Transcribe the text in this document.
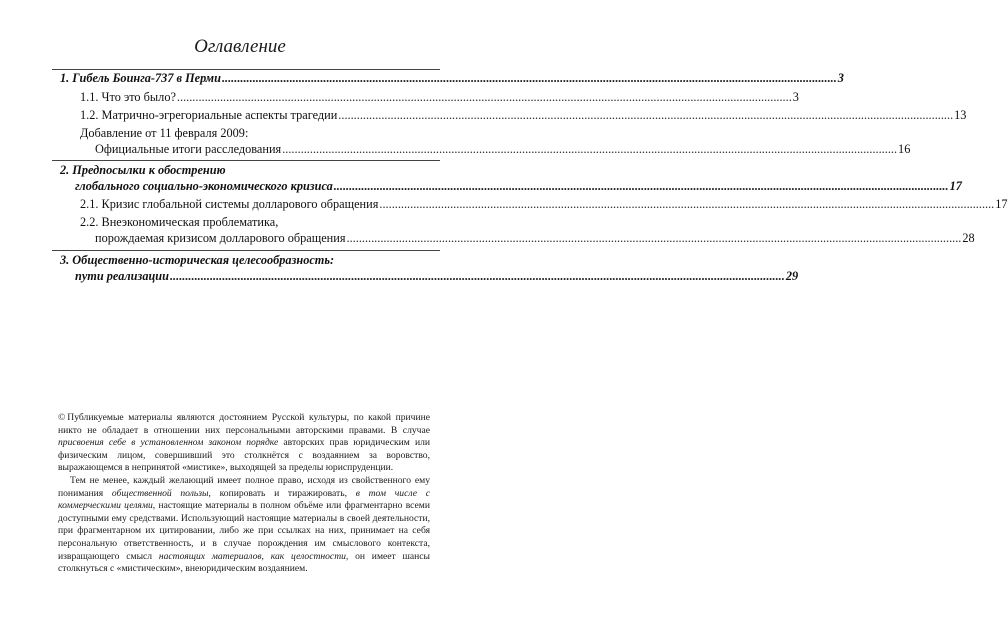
Оглавление
1. Гибель Боинга-737 в Перми ........................................................................................................................................................................................................ 3
1.1. Что это было? ........................................................................................................................................................................................................ 3
1.2. Матрично-эгрегориальные аспекты трагедии ........................................................................................................................................................................................................ 13
Добавление от 11 февраля 2009:
Официальные итоги расследования ........................................................................................................................................................................................................ 16
2. Предпосылки к обострению
глобального социально-экономического кризиса ........................................................................................................................................................................................................ 17
2.1. Кризис глобальной системы долларового обращения ........................................................................................................................................................................................................ 17
2.2. Внеэкономическая проблематика,
порождаемая кризисом долларового обращения ........................................................................................................................................................................................................ 28
3. Общественно-историческая целесообразность:
пути реализации ........................................................................................................................................................................................................ 29

© Публикуемые материалы являются достоянием Русской культуры, по какой причине никто не обладает в отношении них персональными авторскими правами. В случае присвоения себе в установленном законом порядке авторских прав юридическим или физическим лицом, совершивший это столкнётся с воздаянием за воровство, выражающемся в непринятой «мистике», выходящей за пределы юриспруденции.

Тем не менее, каждый желающий имеет полное право, исходя из свойственного ему понимания общественной пользы, копировать и тиражировать, в том числе с коммерческими целями, настоящие материалы в полном объёме или фрагментарно всеми доступными ему средствами. Использующий настоящие материалы в своей деятельности, при фрагментарном их цитировании, либо же при ссылках на них, принимает на себя персональную ответственность, и в случае порождения им смыслового контекста, извращающего смысл настоящих материалов, как целостности, он имеет шансы столкнуться с «мистическим», внеюридическим воздаянием.
